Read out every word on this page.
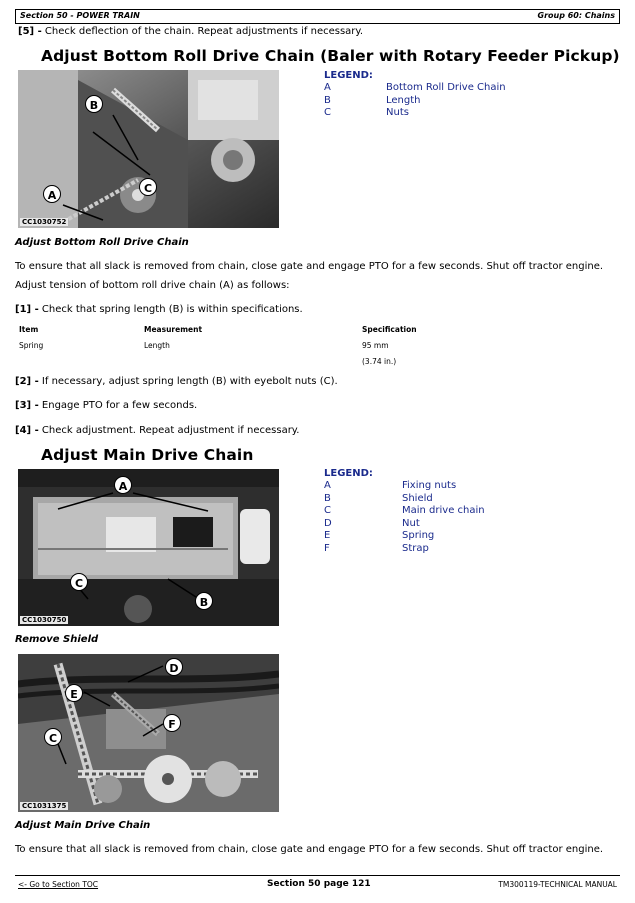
Section 50 - POWER TRAIN	Group 60: Chains
[5] - Check deflection of the chain. Repeat adjustments if necessary.
Adjust Bottom Roll Drive Chain (Baler with Rotary Feeder Pickup)
CC1030752
B
A
C
LEGEND:
A	Bottom Roll Drive Chain
B	Length
C	Nuts
Adjust Bottom Roll Drive Chain
To ensure that all slack is removed from chain, close gate and engage PTO for a few seconds. Shut off tractor engine.
Adjust tension of bottom roll drive chain (A) as follows:
[1] - Check that spring length (B) is within specifications.
Item	Measurement	Specification
Spring	Length	95 mm
(3.74 in.)
[2] - If necessary, adjust spring length (B) with eyebolt nuts (C).
[3] - Engage PTO for a few seconds.
[4] - Check adjustment. Repeat adjustment if necessary.
Adjust Main Drive Chain
CC1030750
A
C
B
LEGEND:
A	Fixing nuts
B	Shield
C	Main drive chain
D	Nut
E	Spring
F	Strap
Remove Shield
CC1031375
D
E
F
C
Adjust Main Drive Chain
To ensure that all slack is removed from chain, close gate and engage PTO for a few seconds. Shut off tractor engine.
<- Go to Section TOC	Section 50 page 121	TM300119-TECHNICAL MANUAL
